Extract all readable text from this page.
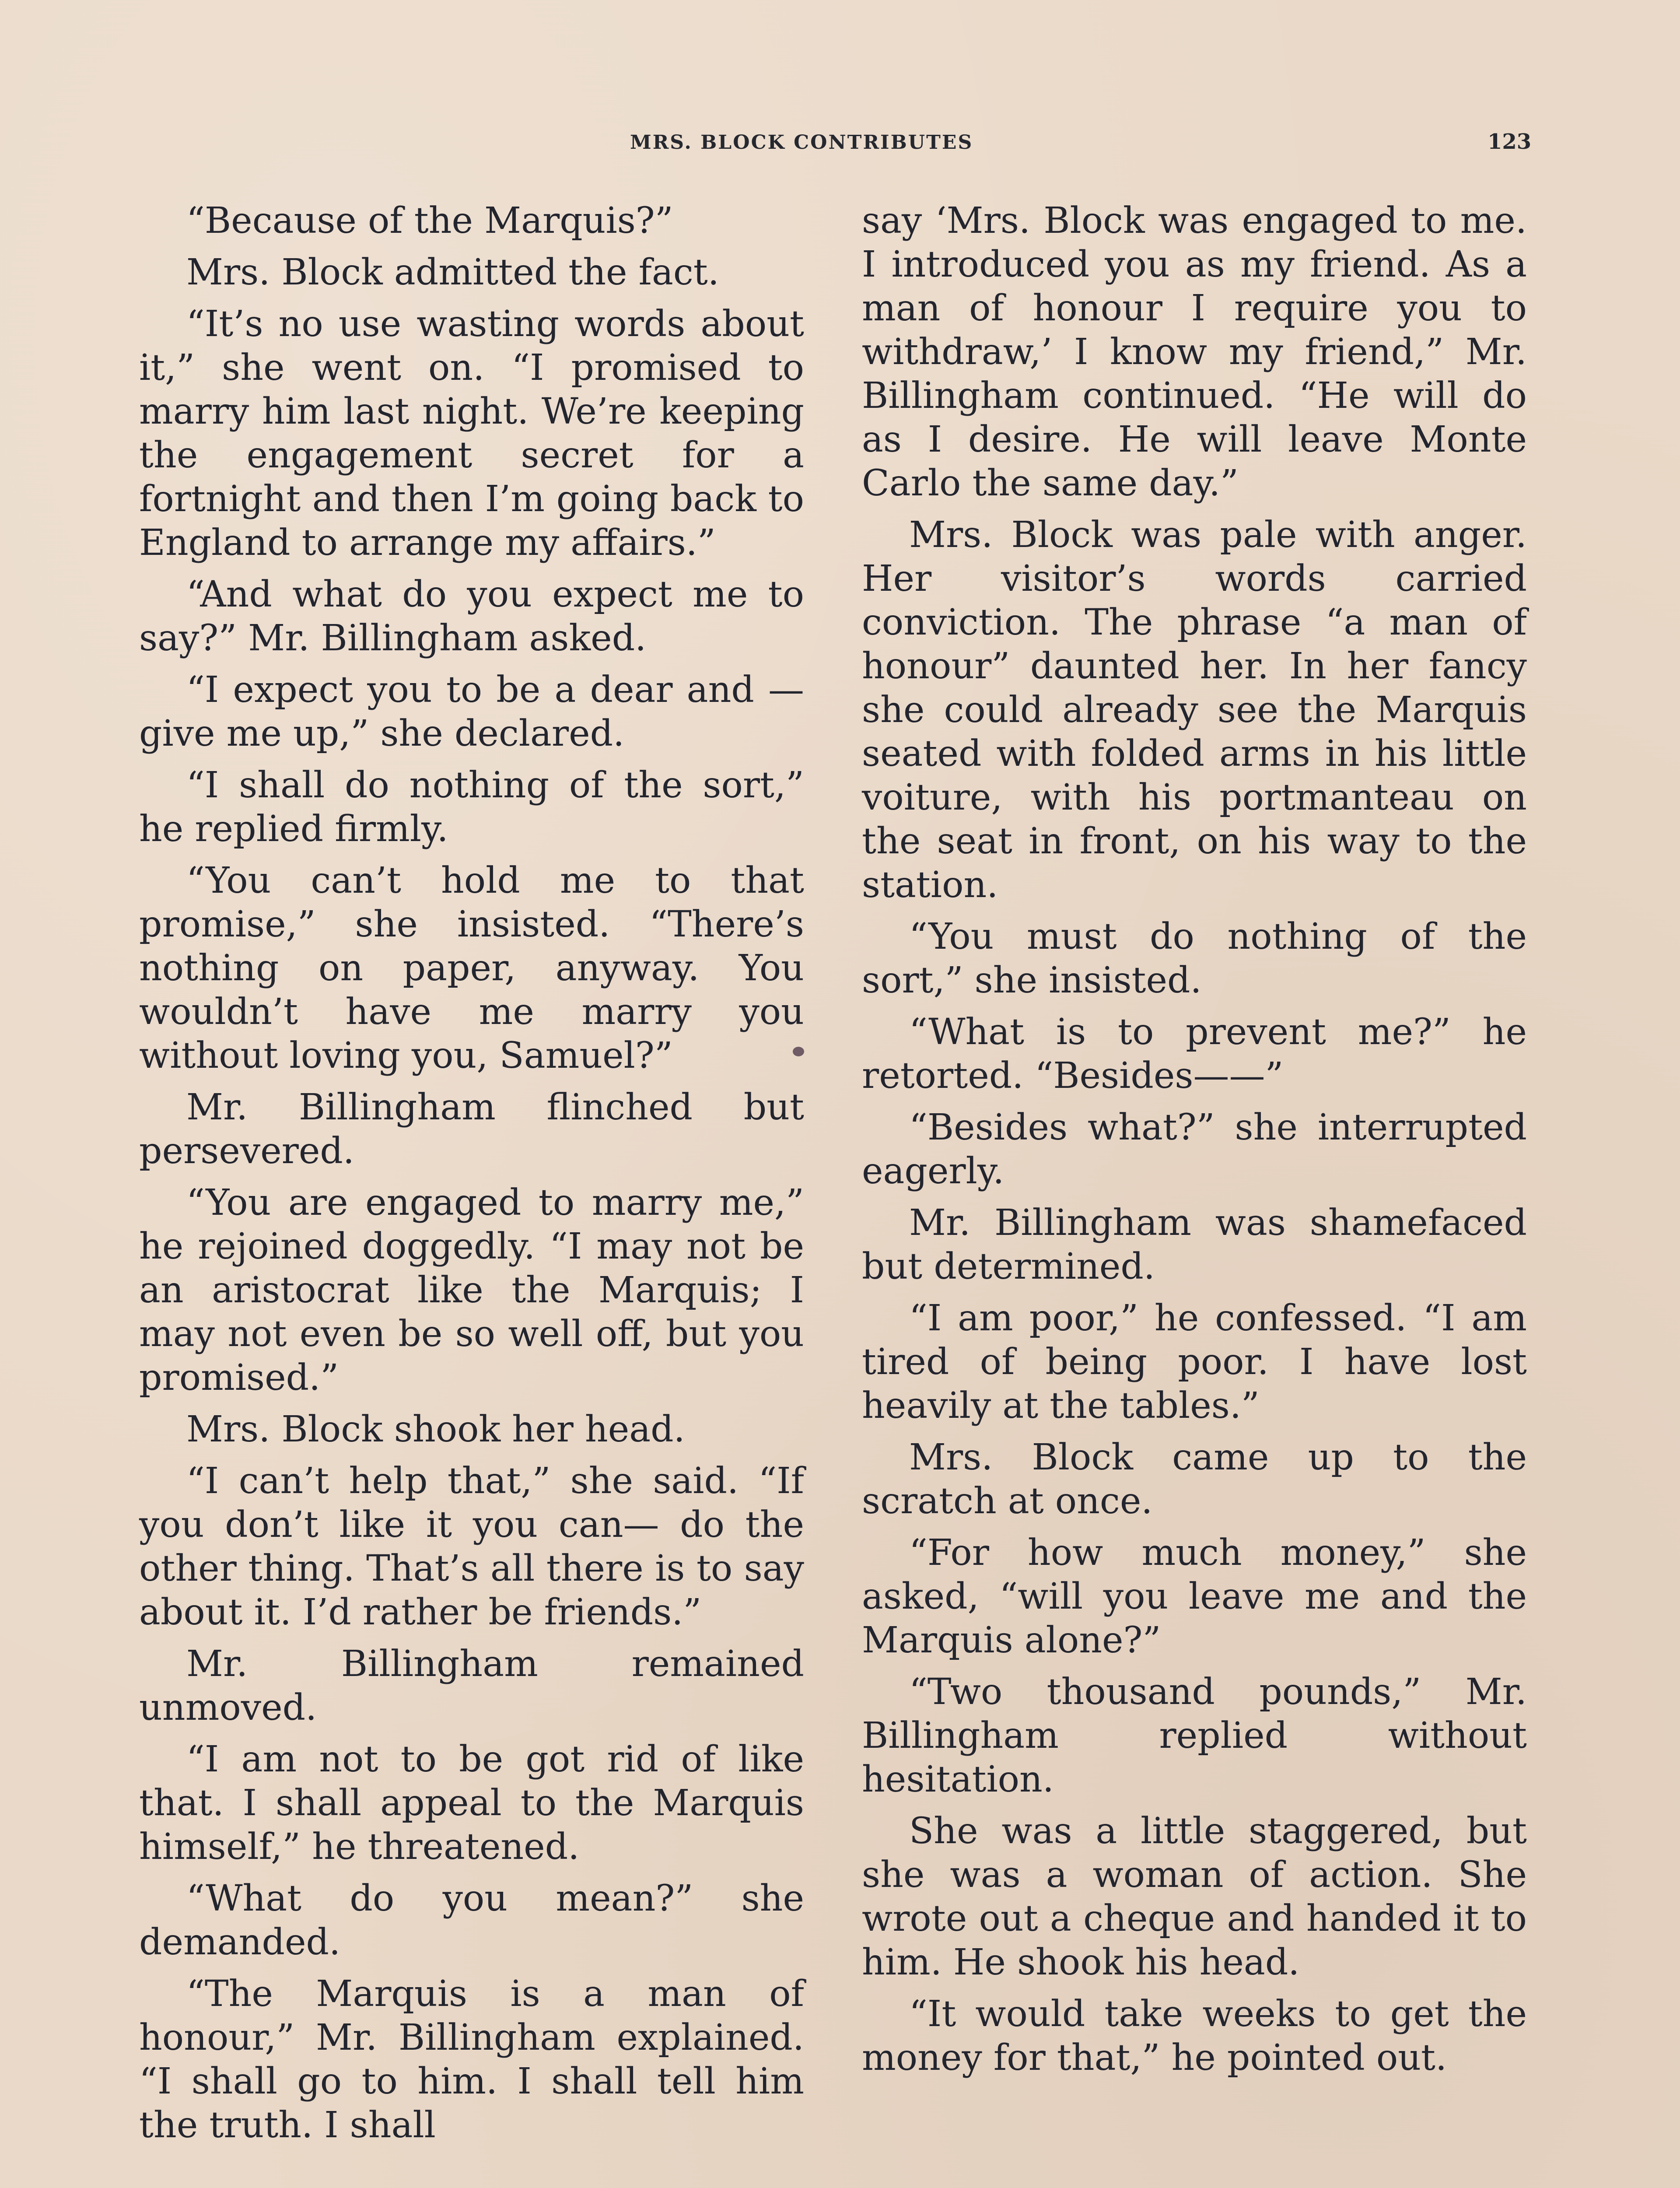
MRS. BLOCK CONTRIBUTES	123

“Because of the Marquis?”

Mrs. Block admitted the fact.

“It’s no use wasting words about it,” she went on. “I promised to marry him last night. We’re keeping the engagement secret for a fortnight and then I’m going back to England to arrange my affairs.”

“And what do you expect me to say?” Mr. Billingham asked.

“I expect you to be a dear and —give me up,” she declared.

“I shall do nothing of the sort,” he replied firmly.

“You can’t hold me to that promise,” she insisted. “There’s nothing on paper, anyway. You wouldn’t have me marry you without loving you, Samuel?”

Mr. Billingham flinched but persevered.

“You are engaged to marry me,” he rejoined doggedly. “I may not be an aristocrat like the Marquis; I may not even be so well off, but you promised.”

Mrs. Block shook her head.

“I can’t help that,” she said. “If you don’t like it you can— do the other thing. That’s all there is to say about it. I’d rather be friends.”

Mr. Billingham remained unmoved.

“I am not to be got rid of like that. I shall appeal to the Marquis himself,” he threatened.

“What do you mean?” she demanded.

“The Marquis is a man of honour,” Mr. Billingham explained. “I shall go to him. I shall tell him the truth. I shall

say ‘Mrs. Block was engaged to me. I introduced you as my friend. As a man of honour I require you to withdraw,’ I know my friend,” Mr. Billingham continued. “He will do as I desire. He will leave Monte Carlo the same day.”

Mrs. Block was pale with anger. Her visitor’s words carried conviction. The phrase “a man of honour” daunted her. In her fancy she could already see the Marquis seated with folded arms in his little voiture, with his portmanteau on the seat in front, on his way to the station.

“You must do nothing of the sort,” she insisted.

“What is to prevent me?” he retorted. “Besides——”

“Besides what?” she interrupted eagerly.

Mr. Billingham was shamefaced but determined.

“I am poor,” he confessed. “I am tired of being poor. I have lost heavily at the tables.”

Mrs. Block came up to the scratch at once.

“For how much money,” she asked, “will you leave me and the Marquis alone?”

“Two thousand pounds,” Mr. Billingham replied without hesitation.

She was a little staggered, but she was a woman of action. She wrote out a cheque and handed it to him. He shook his head.

“It would take weeks to get the money for that,” he pointed out.
